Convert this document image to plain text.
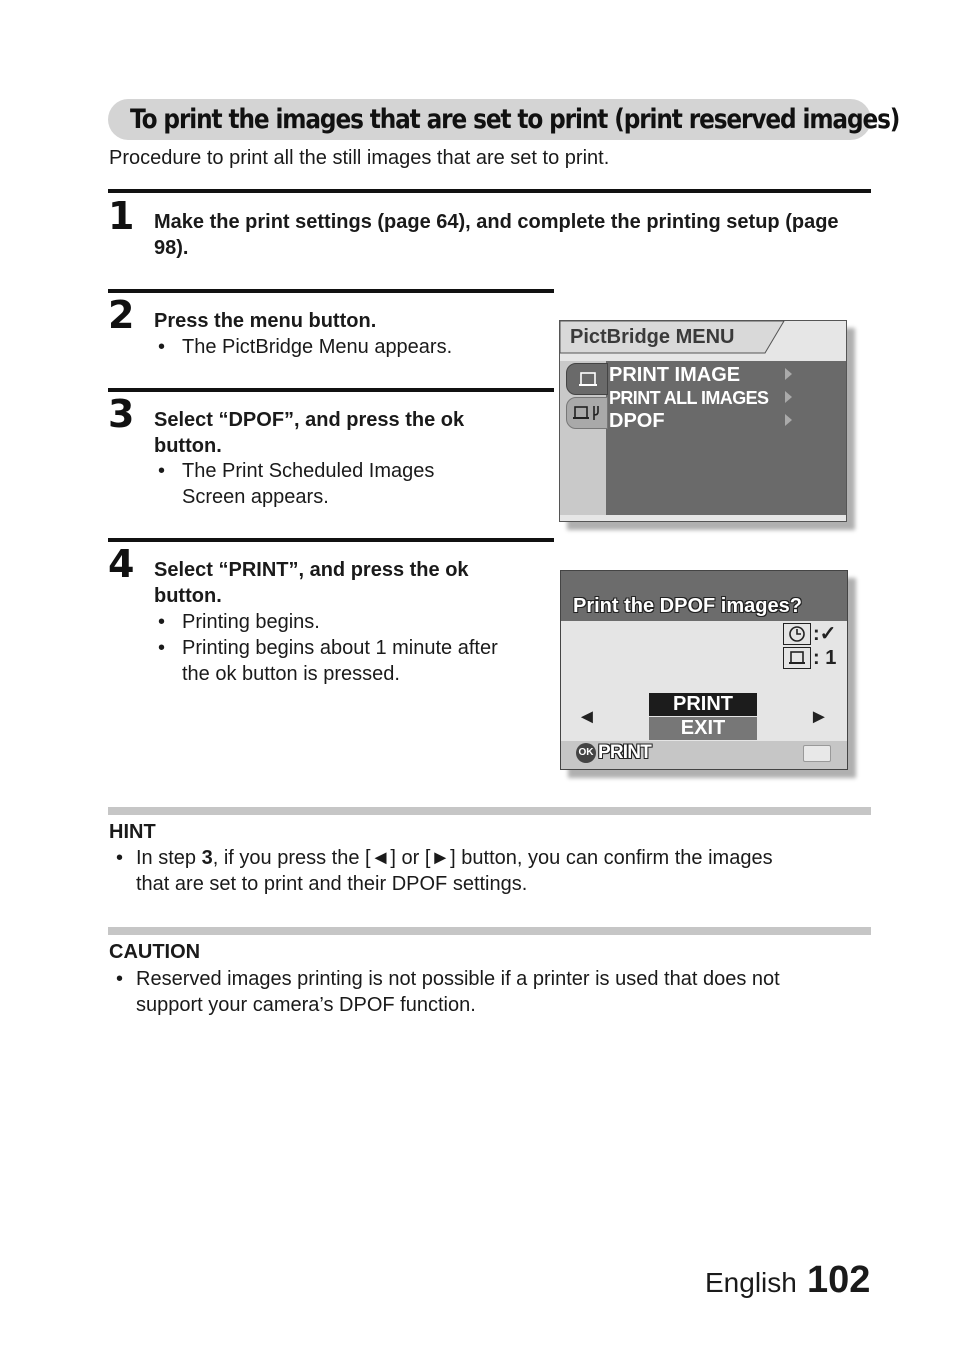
To print the images that are set to print (print reserved images)
Procedure to print all the still images that are set to print.
1 Make the print settings (page 64), and complete the printing setup (page 98).
2 Press the menu button.
• The PictBridge Menu appears.
3 Select “DPOF”, and press the ok
button.
• The Print Scheduled Images
Screen appears.
4 Select “PRINT”, and press the ok
button.
• Printing begins.
• Printing begins about 1 minute after
the ok button is pressed.
PictBridge MENU
PRINT IMAGE
PRINT ALL IMAGES
DPOF
Print the DPOF images?
:✓
: 1
◄	►
PRINT
EXIT
OK PRINT
HINT
• In step 3, if you press the [◄] or [►] button, you can confirm the images
that are set to print and their DPOF settings.
CAUTION
• Reserved images printing is not possible if a printer is used that does not
support your camera’s DPOF function.
English 102
